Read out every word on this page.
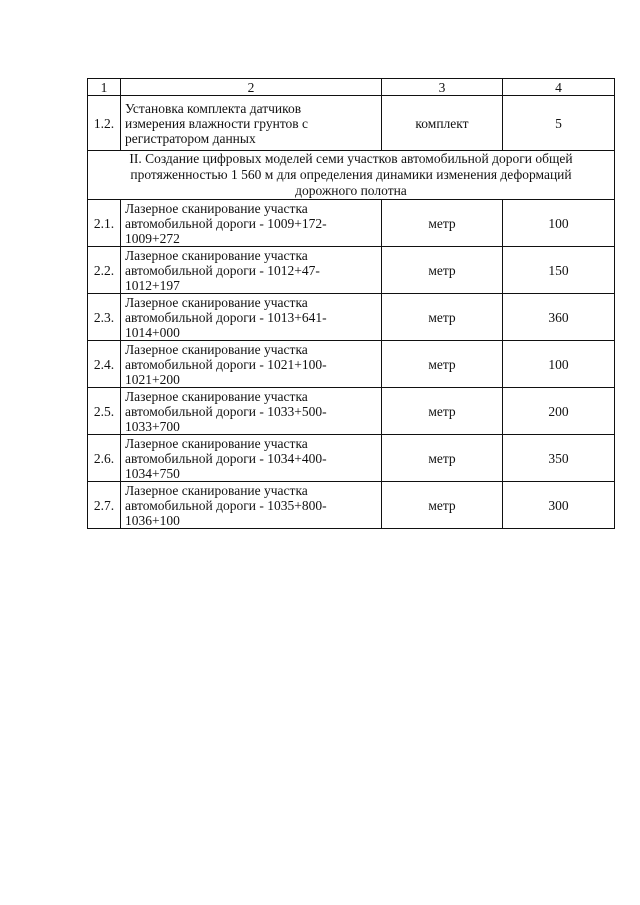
1	2	3	4
1.2.	Установка комплекта датчиков
измерения влажности грунтов с
регистратором данных	комплект	5
II. Создание цифровых моделей семи участков автомобильной дороги общей
протяженностью 1 560 м для определения динамики изменения деформаций
дорожного полотна			
2.1.	Лазерное сканирование участка
автомобильной дороги - 1009+172-
1009+272	метр	100
2.2.	Лазерное сканирование участка
автомобильной дороги - 1012+47-
1012+197	метр	150
2.3.	Лазерное сканирование участка
автомобильной дороги - 1013+641-
1014+000	метр	360
2.4.	Лазерное сканирование участка
автомобильной дороги - 1021+100-
1021+200	метр	100
2.5.	Лазерное сканирование участка
автомобильной дороги - 1033+500-
1033+700	метр	200
2.6.	Лазерное сканирование участка
автомобильной дороги - 1034+400-
1034+750	метр	350
2.7.	Лазерное сканирование участка
автомобильной дороги - 1035+800-
1036+100	метр	300
